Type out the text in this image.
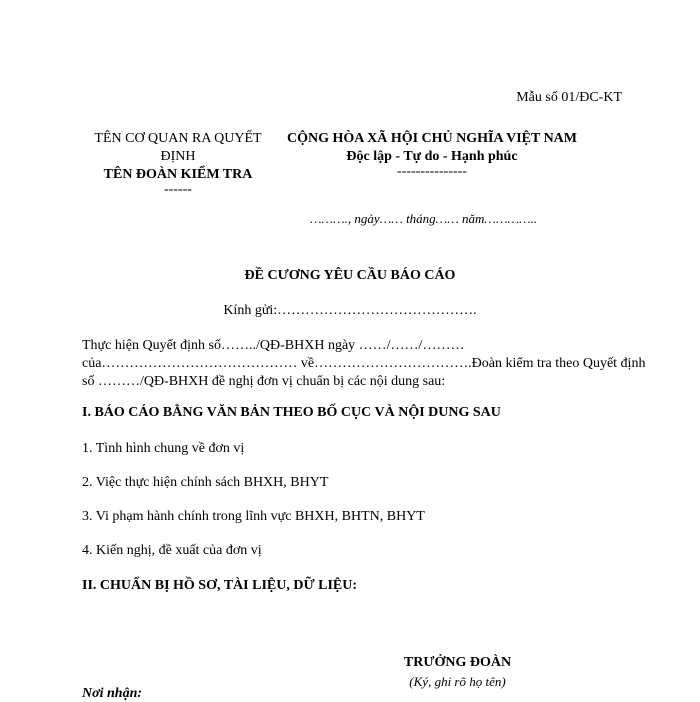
Mẫu số 01/ĐC-KT
TÊN CƠ QUAN RA QUYẾT ĐỊNH
TÊN ĐOÀN KIỂM TRA
------
CỘNG HÒA XÃ HỘI CHỦ NGHĨA VIỆT NAM
Độc lập - Tự do - Hạnh phúc
---------------
………., ngày…… tháng…… năm…………..
ĐỀ CƯƠNG YÊU CẦU BÁO CÁO
Kính gửi:…………………………………….
Thực hiện Quyết định số……../QĐ-BHXH ngày ……/……/………
của…………………………………… về……………………………. Đoàn kiểm tra theo Quyết định
số ………/QĐ-BHXH đề nghị đơn vị chuẩn bị các nội dung sau:
I. BÁO CÁO BẰNG VĂN BẢN THEO BỐ CỤC VÀ NỘI DUNG SAU
1. Tình hình chung về đơn vị
2. Việc thực hiện chính sách BHXH, BHYT
3. Vi phạm hành chính trong lĩnh vực BHXH, BHTN, BHYT
4. Kiến nghị, đề xuất của đơn vị
II. CHUẨN BỊ HỒ SƠ, TÀI LIỆU, DỮ LIỆU:
TRƯỞNG ĐOÀN
(Ký, ghi rõ họ tên)
Nơi nhận:
